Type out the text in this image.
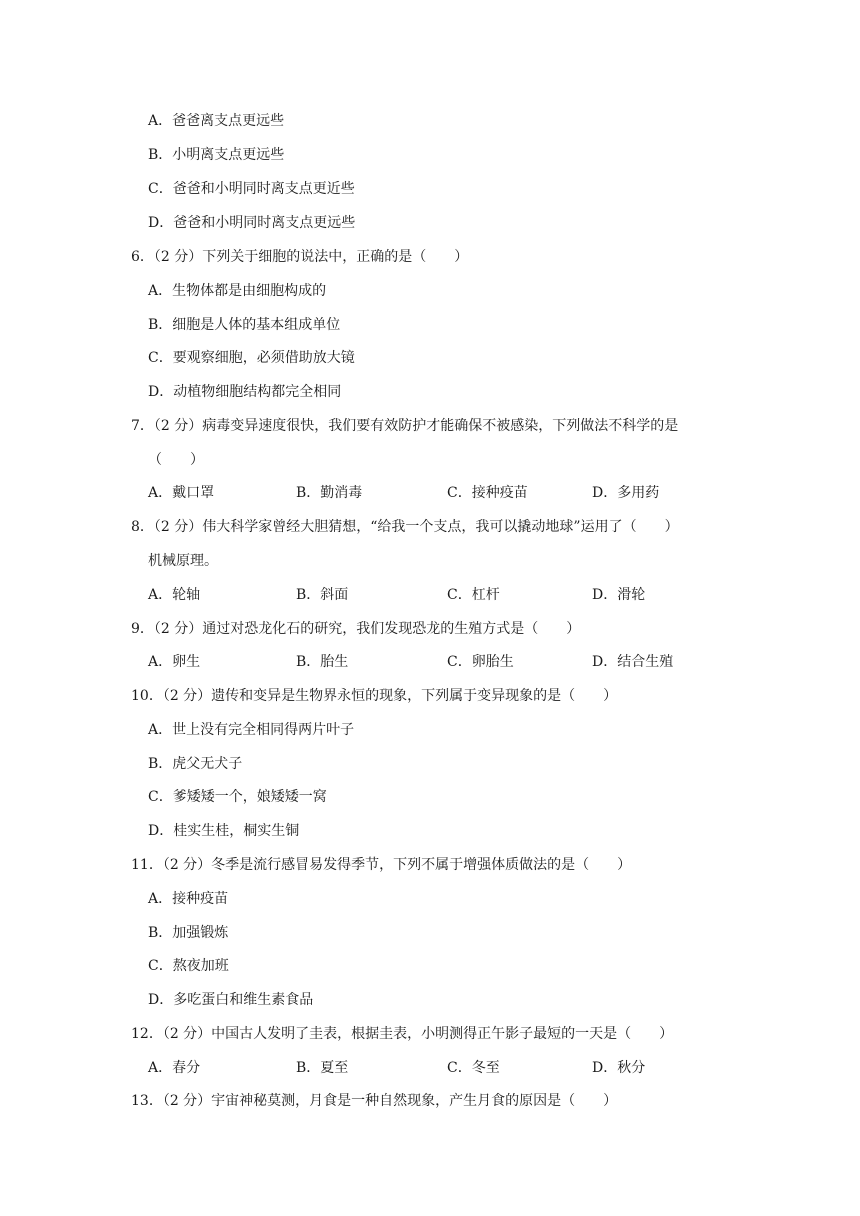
A．爸爸离支点更远些
B．小明离支点更远些
C．爸爸和小明同时离支点更近些
D．爸爸和小明同时离支点更远些
6．（2 分）下列关于细胞的说法中，正确的是（　　）
A．生物体都是由细胞构成的
B．细胞是人体的基本组成单位
C．要观察细胞，必须借助放大镜
D．动植物细胞结构都完全相同
7．（2 分）病毒变异速度很快，我们要有效防护才能确保不被感染，下列做法不科学的是
（　　）
A．戴口罩	B．勤消毒	C．接种疫苗	D．多用药
8．（2 分）伟大科学家曾经大胆猜想，“给我一个支点，我可以撬动地球”运用了（　　）
机械原理。
A．轮轴	B．斜面	C．杠杆	D．滑轮
9．（2 分）通过对恐龙化石的研究，我们发现恐龙的生殖方式是（　　）
A．卵生	B．胎生	C．卵胎生	D．结合生殖
10．（2 分）遗传和变异是生物界永恒的现象，下列属于变异现象的是（　　）
A．世上没有完全相同得两片叶子
B．虎父无犬子
C．爹矮矮一个，娘矮矮一窝
D．桂实生桂，桐实生铜
11．（2 分）冬季是流行感冒易发得季节，下列不属于增强体质做法的是（　　）
A．接种疫苗
B．加强锻炼
C．熬夜加班
D．多吃蛋白和维生素食品
12．（2 分）中国古人发明了圭表，根据圭表，小明测得正午影子最短的一天是（　　）
A．春分	B．夏至	C．冬至	D．秋分
13．（2 分）宇宙神秘莫测，月食是一种自然现象，产生月食的原因是（　　）
